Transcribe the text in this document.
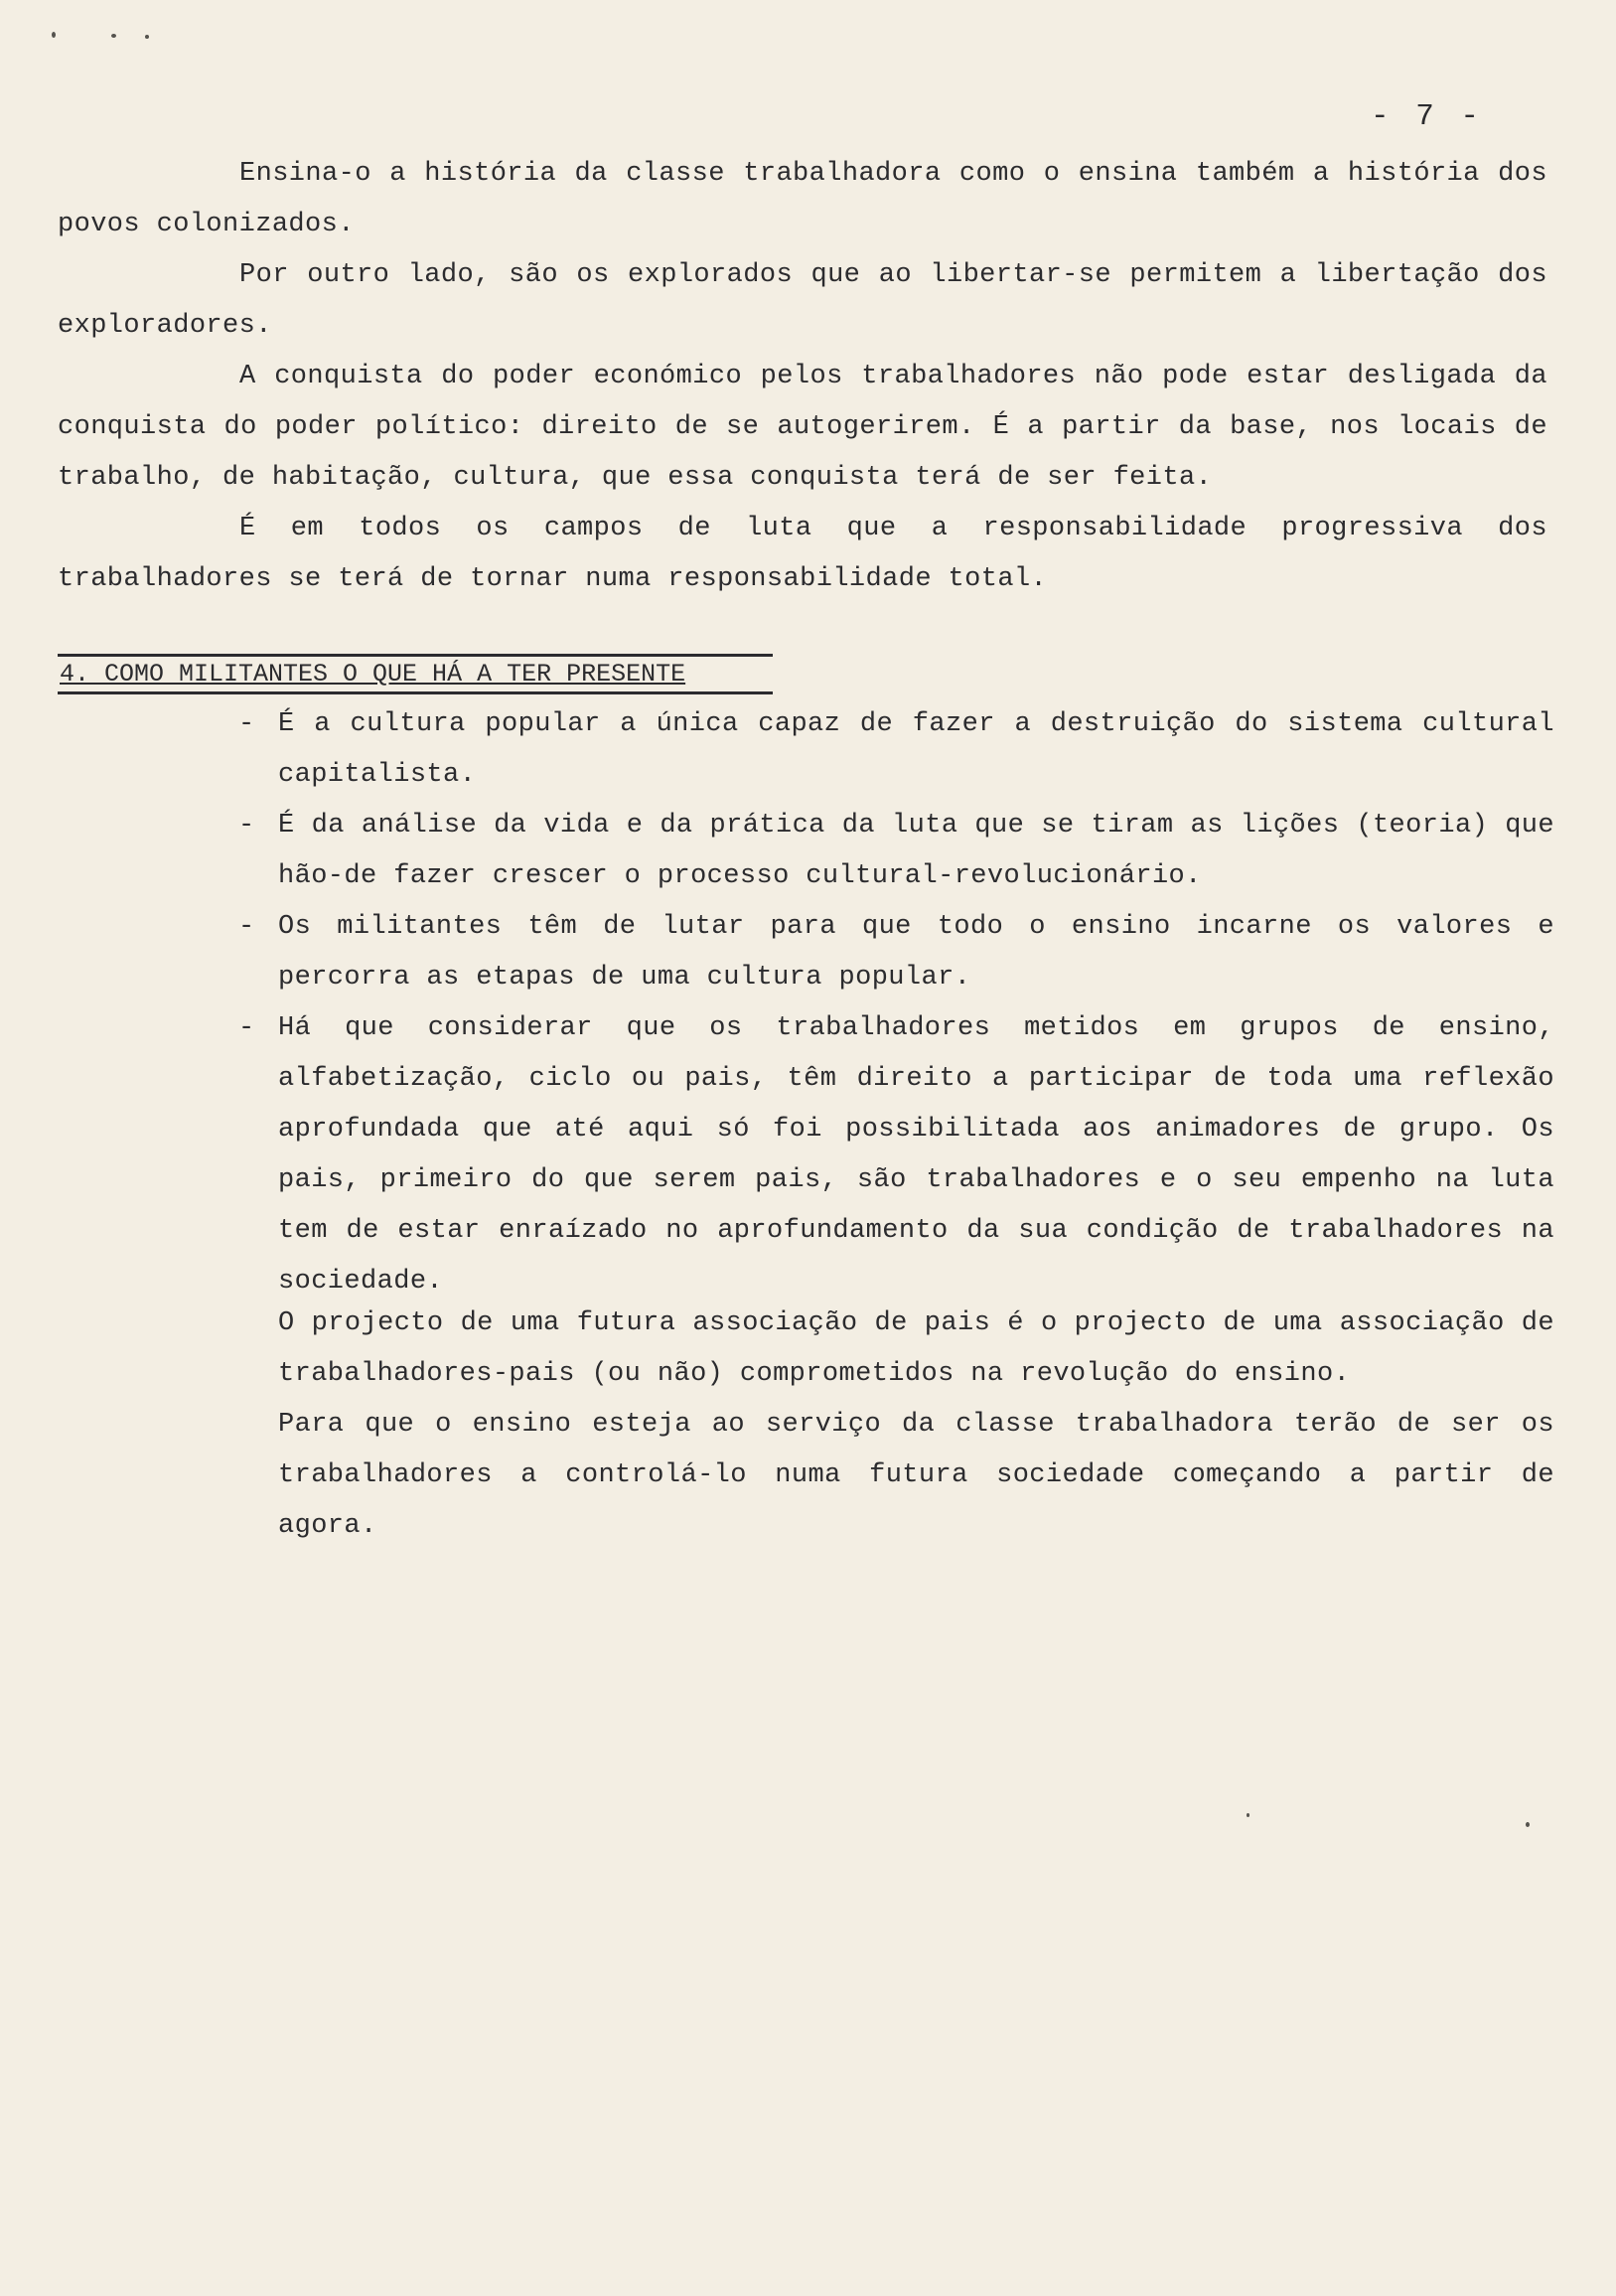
- 7 -

Ensina-o a história da classe trabalhadora como o ensina também a história dos povos colonizados.

Por outro lado, são os explorados que ao libertar-se permitem a libertação dos exploradores.

A conquista do poder económico pelos trabalhadores não pode estar desligada da conquista do poder político: direito de se autogerirem. É a partir da base, nos locais de trabalho, de habitação, cultura, que essa conquista terá de ser feita.

É em todos os campos de luta que a responsabilidade progressiva dos trabalhadores se terá de tornar numa responsabilidade total.

4. COMO MILITANTES O QUE HÁ A TER PRESENTE
- É a cultura popular a única capaz de fazer a destruição do sistema cultural capitalista.
- É da análise da vida e da prática da luta que se tiram as lições (teoria) que hão-de fazer crescer o processo cultural-revolucionário.
- Os militantes têm de lutar para que todo o ensino incarne os valores e percorra as etapas de uma cultura popular.
- Há que considerar que os trabalhadores metidos em grupos de ensino, alfabetização, ciclo ou pais, têm direito a participar de toda uma reflexão aprofundada que até aqui só foi possibilitada aos animadores de grupo. Os pais, primeiro do que serem pais, são trabalhadores e o seu empenho na luta tem de estar enraízado no aprofundamento da sua condição de trabalhadores na sociedade.

O projecto de uma futura associação de pais é o projecto de uma associação de trabalhadores-pais (ou não) comprometidos na revolução do ensino.

Para que o ensino esteja ao serviço da classe trabalhadora terão de ser os trabalhadores a controlá-lo numa futura sociedade começando a partir de agora.
